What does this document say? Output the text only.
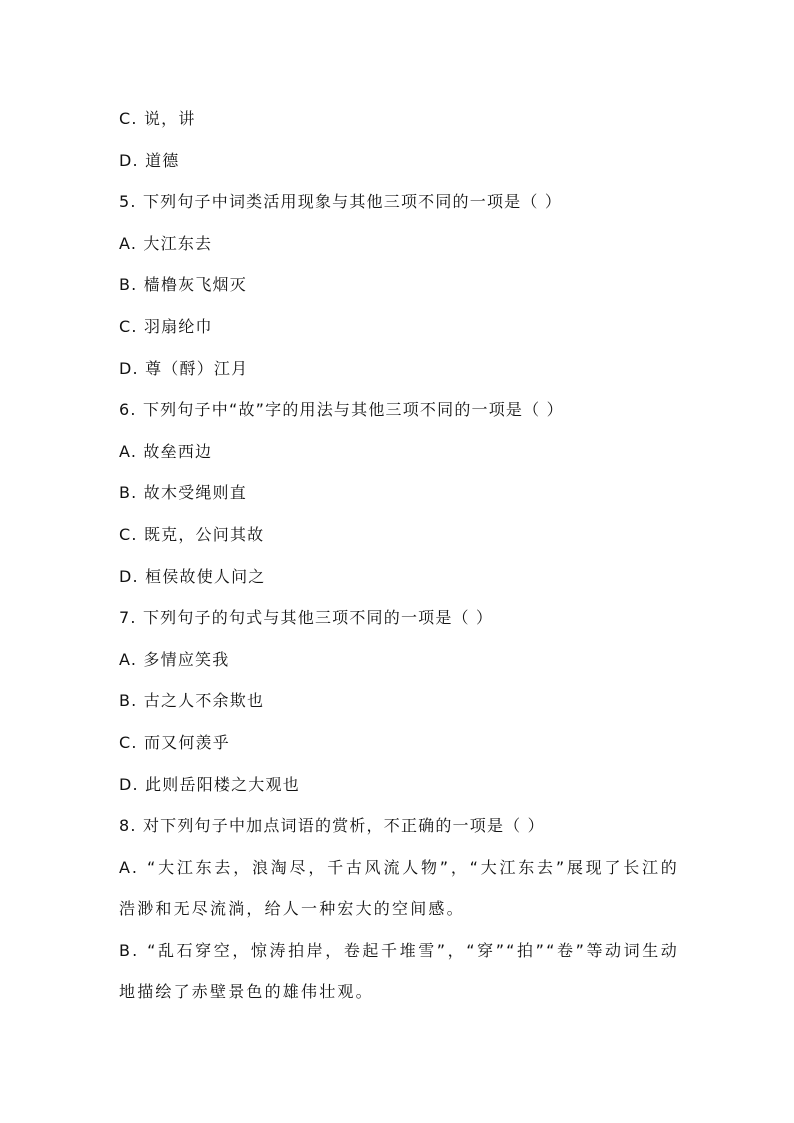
C. 说，讲
D. 道德
5. 下列句子中词类活用现象与其他三项不同的一项是（ ）
A. 大江东去
B. 樯橹灰飞烟灭
C. 羽扇纶巾
D. 尊（酹）江月
6. 下列句子中“故”字的用法与其他三项不同的一项是（ ）
A. 故垒西边
B. 故木受绳则直
C. 既克，公问其故
D. 桓侯故使人问之
7. 下列句子的句式与其他三项不同的一项是（ ）
A. 多情应笑我
B. 古之人不余欺也
C. 而又何羡乎
D. 此则岳阳楼之大观也
8. 对下列句子中加点词语的赏析，不正确的一项是（ ）
A. “大江东去，浪淘尽，千古风流人物”，“大江东去”展现了长江的浩渺和无尽流淌，给人一种宏大的空间感。
B. “乱石穿空，惊涛拍岸，卷起千堆雪”，“穿”“拍”“卷”等动词生动地描绘了赤壁景色的雄伟壮观。
